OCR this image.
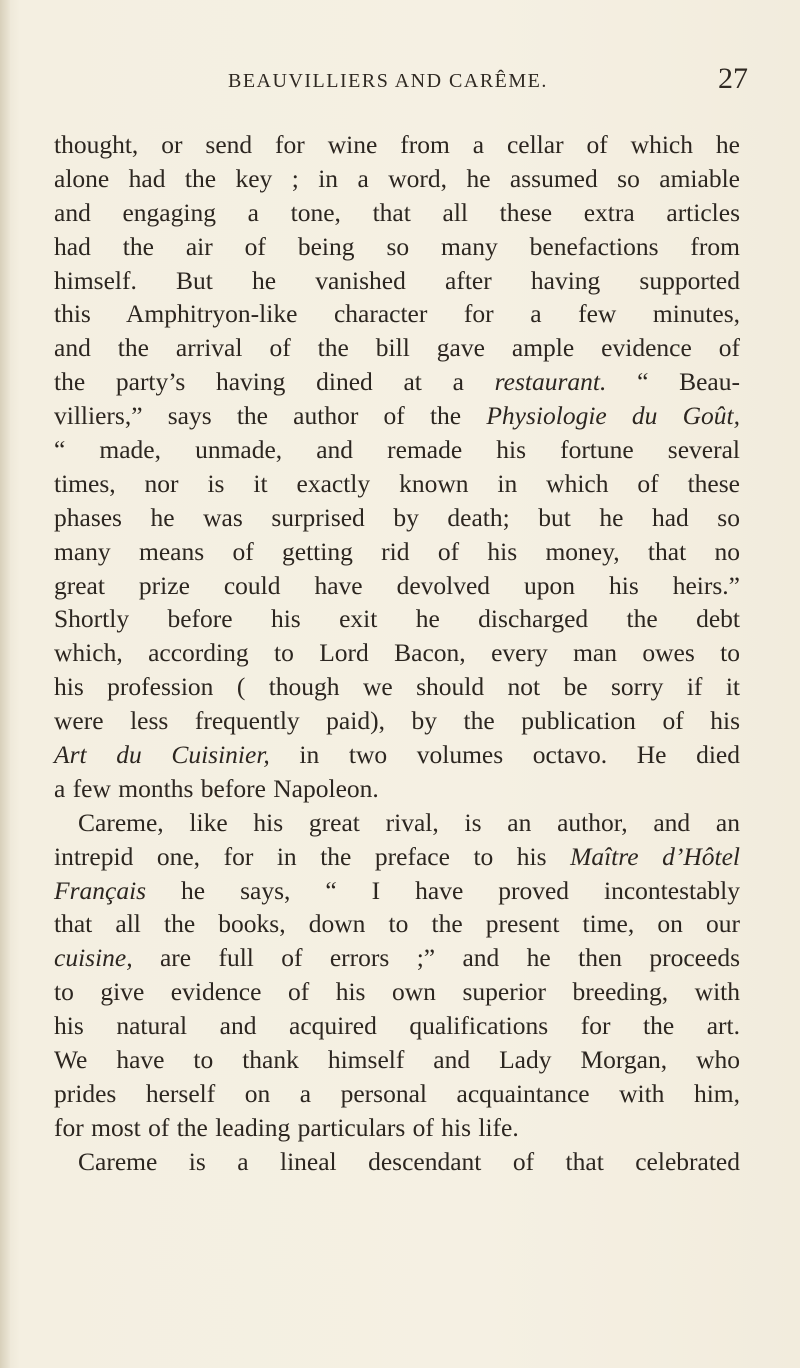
BEAUVILLIERS AND CARÊME.	27
thought, or send for wine from a cellar of which he
alone had the key ; in a word, he assumed so amiable
and engaging a tone, that all these extra articles
had the air of being so many benefactions from
himself. But he vanished after having supported
this Amphitryon-like character for a few minutes,
and the arrival of the bill gave ample evidence of
the party’s having dined at a restaurant. “ Beau-
villiers,” says the author of the Physiologie du Goût,
“ made, unmade, and remade his fortune several
times, nor is it exactly known in which of these
phases he was surprised by death; but he had so
many means of getting rid of his money, that no
great prize could have devolved upon his heirs.”
Shortly before his exit he discharged the debt
which, according to Lord Bacon, every man owes to
his profession ( though we should not be sorry if it
were less frequently paid), by the publication of his
Art du Cuisinier, in two volumes octavo. He died
a few months before Napoleon.
Careme, like his great rival, is an author, and an
intrepid one, for in the preface to his Maître d’Hôtel
Français he says, “ I have proved incontestably
that all the books, down to the present time, on our
cuisine, are full of errors ;” and he then proceeds
to give evidence of his own superior breeding, with
his natural and acquired qualifications for the art.
We have to thank himself and Lady Morgan, who
prides herself on a personal acquaintance with him,
for most of the leading particulars of his life.
Careme is a lineal descendant of that celebrated
